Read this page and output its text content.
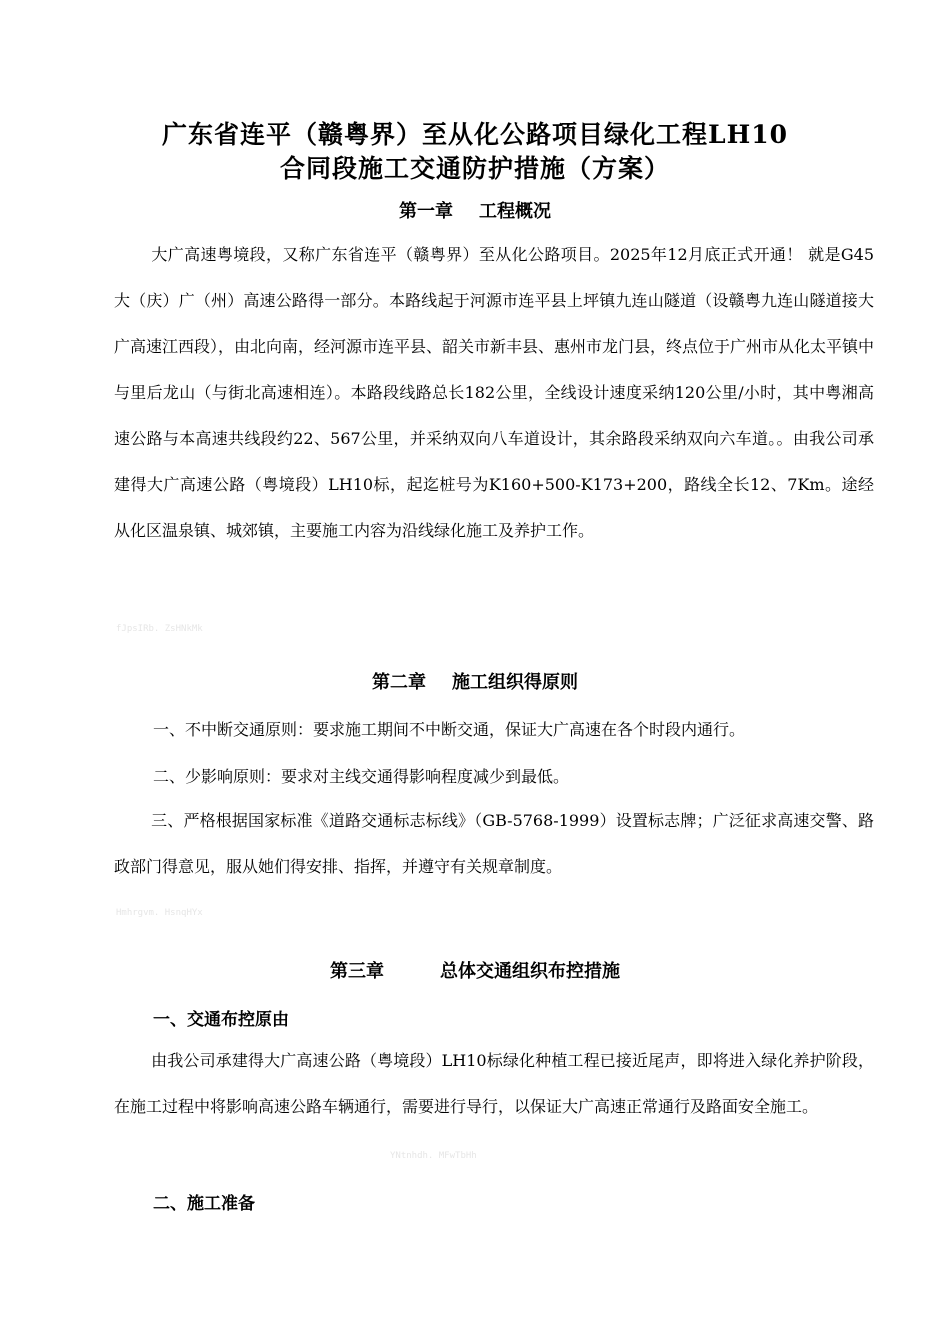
广东省连平（赣粤界）至从化公路项目绿化工程LH10
合同段施工交通防护措施（方案）
第一章 工程概况
大广高速粤境段，又称广东省连平（赣粤界）至从化公路项目。2025年12月底正式开通！ 就是G45大（庆）广（州）高速公路得一部分。本路线起于河源市连平县上坪镇九连山隧道（设赣粤九连山隧道接大广高速江西段），由北向南，经河源市连平县、韶关市新丰县、惠州市龙门县，终点位于广州市从化太平镇中与里后龙山（与街北高速相连）。本路段线路总长182公里，全线设计速度采纳120公里/小时，其中粤湘高速公路与本高速共线段约22、567公里，并采纳双向八车道设计，其余路段采纳双向六车道。。由我公司承建得大广高速公路（粤境段）LH10标，起迄桩号为K160+500-K173+200，路线全长12、7Km。途经从化区温泉镇、城郊镇，主要施工内容为沿线绿化施工及养护工作。
fJpsIRb. ZsHNkMk
第二章 施工组织得原则
一、不中断交通原则：要求施工期间不中断交通，保证大广高速在各个时段内通行。
二、少影响原则：要求对主线交通得影响程度减少到最低。
三、严格根据国家标准《道路交通标志标线》（GB-5768-1999）设置标志牌；广泛征求高速交警、路政部门得意见，服从她们得安排、指挥，并遵守有关规章制度。
Hmhrgvm. HsnqHYx
第三章	总体交通组织布控措施
一、交通布控原由
由我公司承建得大广高速公路（粤境段）LH10标绿化种植工程已接近尾声，即将进入绿化养护阶段，在施工过程中将影响高速公路车辆通行，需要进行导行，以保证大广高速正常通行及路面安全施工。
YNtnhdh. MFwTbHh
二、施工准备
